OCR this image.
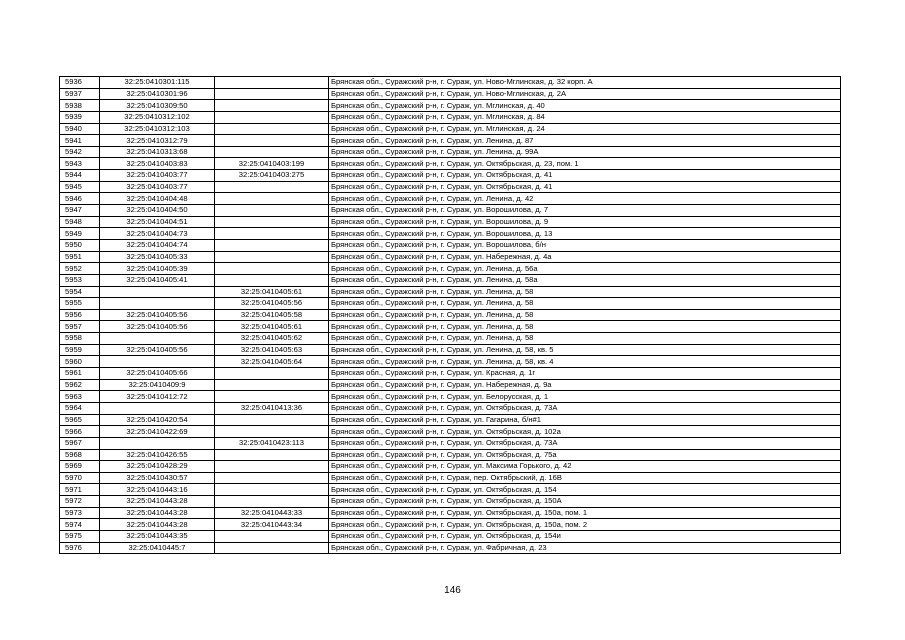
5936	32:25:0410301:115		Брянская обл., Суражский р-н, г. Сураж, ул. Ново-Мглинская, д. 32 корп. А
5937	32:25:0410301:96		Брянская обл., Суражский р-н, г. Сураж, ул. Ново-Мглинская, д. 2А
5938	32:25:0410309:50		Брянская обл., Суражский р-н, г. Сураж, ул. Мглинская, д. 40
5939	32:25:0410312:102		Брянская обл., Суражский р-н, г. Сураж, ул. Мглинская, д. 84
5940	32:25:0410312:103		Брянская обл., Суражский р-н, г. Сураж, ул. Мглинская, д. 24
5941	32:25:0410312:79		Брянская обл., Суражский р-н, г. Сураж, ул. Ленина, д. 87
5942	32:25:0410313:68		Брянская обл., Суражский р-н, г. Сураж, ул. Ленина, д. 99А
5943	32:25:0410403:83	32:25:0410403:199	Брянская обл., Суражский р-н, г. Сураж, ул. Октябрьская, д. 23, пом. 1
5944	32:25:0410403:77	32:25:0410403:275	Брянская обл., Суражский р-н, г. Сураж, ул. Октябрьская, д. 41
5945	32:25:0410403:77		Брянская обл., Суражский р-н, г. Сураж, ул. Октябрьская, д. 41
5946	32:25:0410404:48		Брянская обл., Суражский р-н, г. Сураж, ул. Ленина, д. 42
5947	32:25:0410404:50		Брянская обл., Суражский р-н, г. Сураж, ул. Ворошилова, д. 7
5948	32:25:0410404:51		Брянская обл., Суражский р-н, г. Сураж, ул. Ворошилова, д. 9
5949	32:25:0410404:73		Брянская обл., Суражский р-н, г. Сураж, ул. Ворошилова, д. 13
5950	32:25:0410404:74		Брянская обл., Суражский р-н, г. Сураж, ул. Ворошилова, б/н
5951	32:25:0410405:33		Брянская обл., Суражский р-н, г. Сураж, ул. Набережная, д. 4а
5952	32:25:0410405:39		Брянская обл., Суражский р-н, г. Сураж, ул. Ленина, д. 56а
5953	32:25:0410405:41		Брянская обл., Суражский р-н, г. Сураж, ул. Ленина, д. 58а
5954		32:25:0410405:61	Брянская обл., Суражский р-н, г. Сураж, ул. Ленина, д. 58
5955		32:25:0410405:56	Брянская обл., Суражский р-н, г. Сураж, ул. Ленина, д. 58
5956	32:25:0410405:56	32:25:0410405:58	Брянская обл., Суражский р-н, г. Сураж, ул. Ленина, д. 58
5957	32:25:0410405:56	32:25:0410405:61	Брянская обл., Суражский р-н, г. Сураж, ул. Ленина, д. 58
5958		32:25:0410405:62	Брянская обл., Суражский р-н, г. Сураж, ул. Ленина, д. 58
5959	32:25:0410405:56	32:25:0410405:63	Брянская обл., Суражский р-н, г. Сураж, ул. Ленина, д. 58, кв. 5
5960		32:25:0410405:64	Брянская обл., Суражский р-н, г. Сураж, ул. Ленина, д. 58, кв. 4
5961	32:25:0410405:66		Брянская обл., Суражский р-н, г. Сураж, ул. Красная, д. 1г
5962	32:25:0410409:9		Брянская обл., Суражский р-н, г. Сураж, ул. Набережная, д. 9а
5963	32:25:0410412:72		Брянская обл., Суражский р-н, г. Сураж, ул. Белорусская, д. 1
5964		32:25:0410413:36	Брянская обл., Суражский р-н, г. Сураж, ул. Октябрьская, д. 73А
5965	32:25:0410420:54		Брянская обл., Суражский р-н, г. Сураж, ул. Гагарина, б/н#1
5966	32:25:0410422:69		Брянская обл., Суражский р-н, г. Сураж, ул. Октябрьская, д. 102а
5967		32:25:0410423:113	Брянская обл., Суражский р-н, г. Сураж, ул. Октябрьская, д. 73А
5968	32:25:0410426:55		Брянская обл., Суражский р-н, г. Сураж, ул. Октябрьская, д. 75а
5969	32:25:0410428:29		Брянская обл., Суражский р-н, г. Сураж, ул. Максима Горького, д. 42
5970	32:25:0410430:57		Брянская обл., Суражский р-н, г. Сураж, пер. Октябрьский, д. 16В
5971	32:25:0410443:16		Брянская обл., Суражский р-н, г. Сураж, ул. Октябрьская, д. 154
5972	32:25:0410443:28		Брянская обл., Суражский р-н, г. Сураж, ул. Октябрьская, д. 150А
5973	32:25:0410443:28	32:25:0410443:33	Брянская обл., Суражский р-н, г. Сураж, ул. Октябрьская, д. 150а, пом. 1
5974	32:25:0410443:28	32:25:0410443:34	Брянская обл., Суражский р-н, г. Сураж, ул. Октябрьская, д. 150а, пом. 2
5975	32:25:0410443:35		Брянская обл., Суражский р-н, г. Сураж, ул. Октябрьская, д. 154и
5976	32:25:0410445:7		Брянская обл., Суражский р-н, г. Сураж, ул. Фабричная, д. 23
146
